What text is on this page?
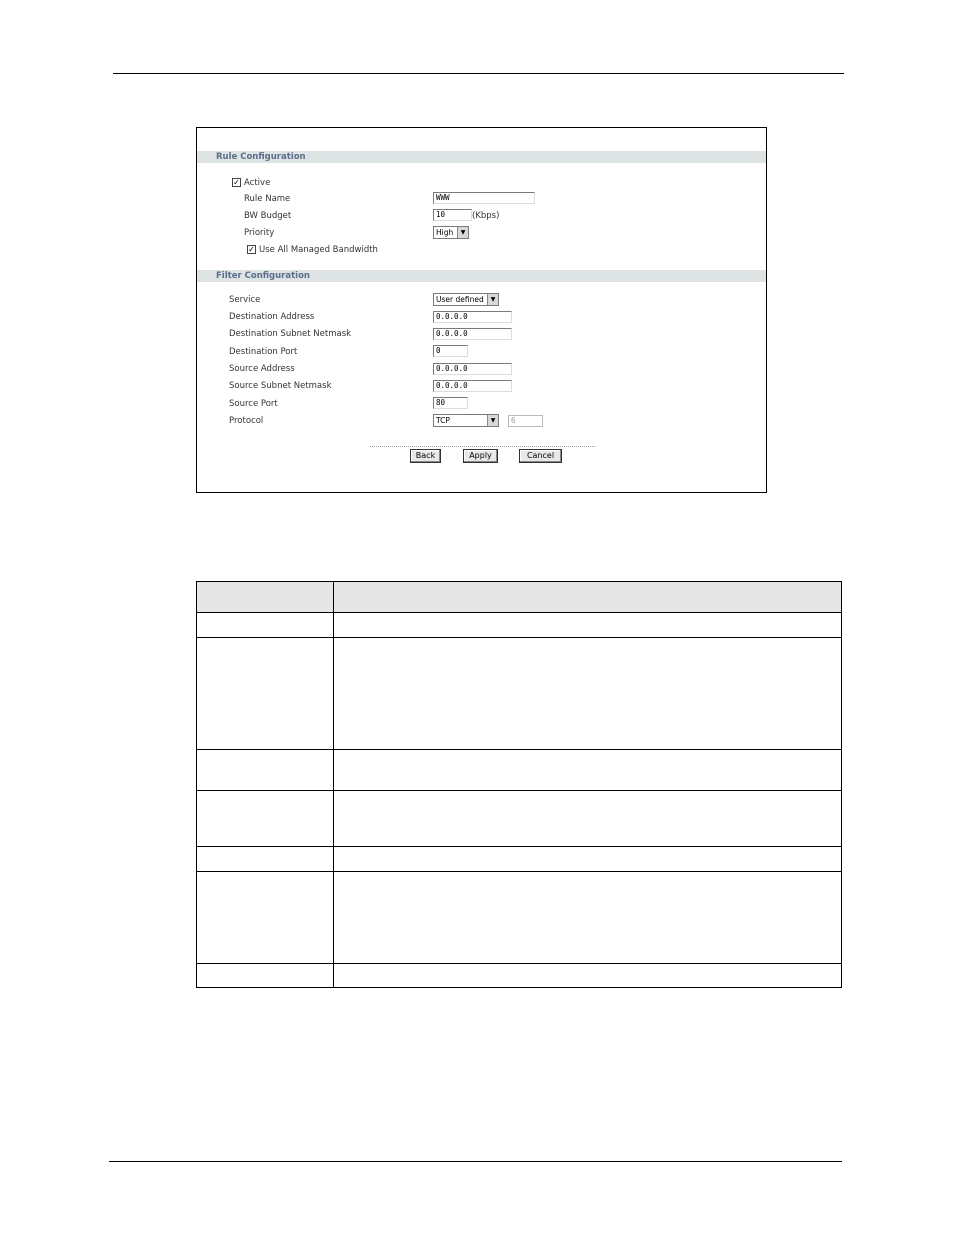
Rule Configuration
✓ Active
Rule Name	WWW
BW Budget	10	(Kbps)
Priority	High	▼
✓ Use All Managed Bandwidth
Filter Configuration
Service	User defined	▼
Destination Address	0.0.0.0
Destination Subnet Netmask	0.0.0.0
Destination Port	0
Source Address	0.0.0.0
Source Subnet Netmask	0.0.0.0
Source Port	80
Protocol	TCP	▼	6
Back	Apply	Cancel
